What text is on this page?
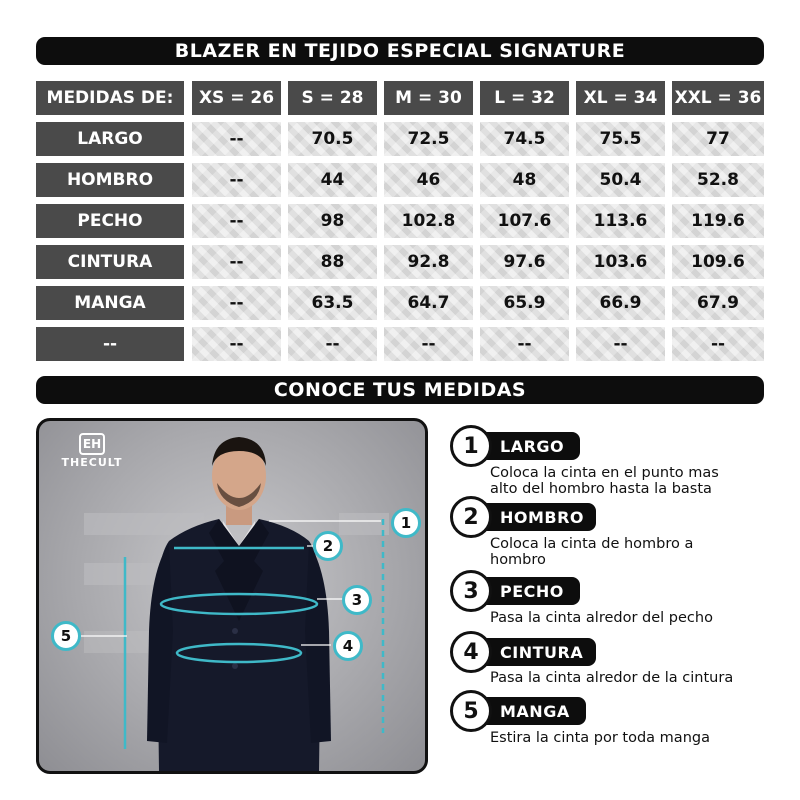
BLAZER EN TEJIDO ESPECIAL SIGNATURE
MEDIDAS DE:	XS = 26	S = 28	M = 30	L = 32	XL = 34	XXL = 36
LARGO	--	70.5	72.5	74.5	75.5	77
HOMBRO	--	44	46	48	50.4	52.8
PECHO	--	98	102.8	107.6	113.6	119.6
CINTURA	--	88	92.8	97.6	103.6	109.6
MANGA	--	63.5	64.7	65.9	66.9	67.9
--	--	--	--	--	--	--
CONOCE TUS MEDIDAS
EH
THECULT
1
2
3
5
4
LARGO
1
Coloca la cinta en el punto mas alto del hombro hasta la basta
HOMBRO
2
Coloca la cinta de hombro a hombro
PECHO
3
Pasa la cinta alredor del pecho
CINTURA
4
Pasa la cinta alredor de la cintura
MANGA
5
Estira la cinta por toda manga
